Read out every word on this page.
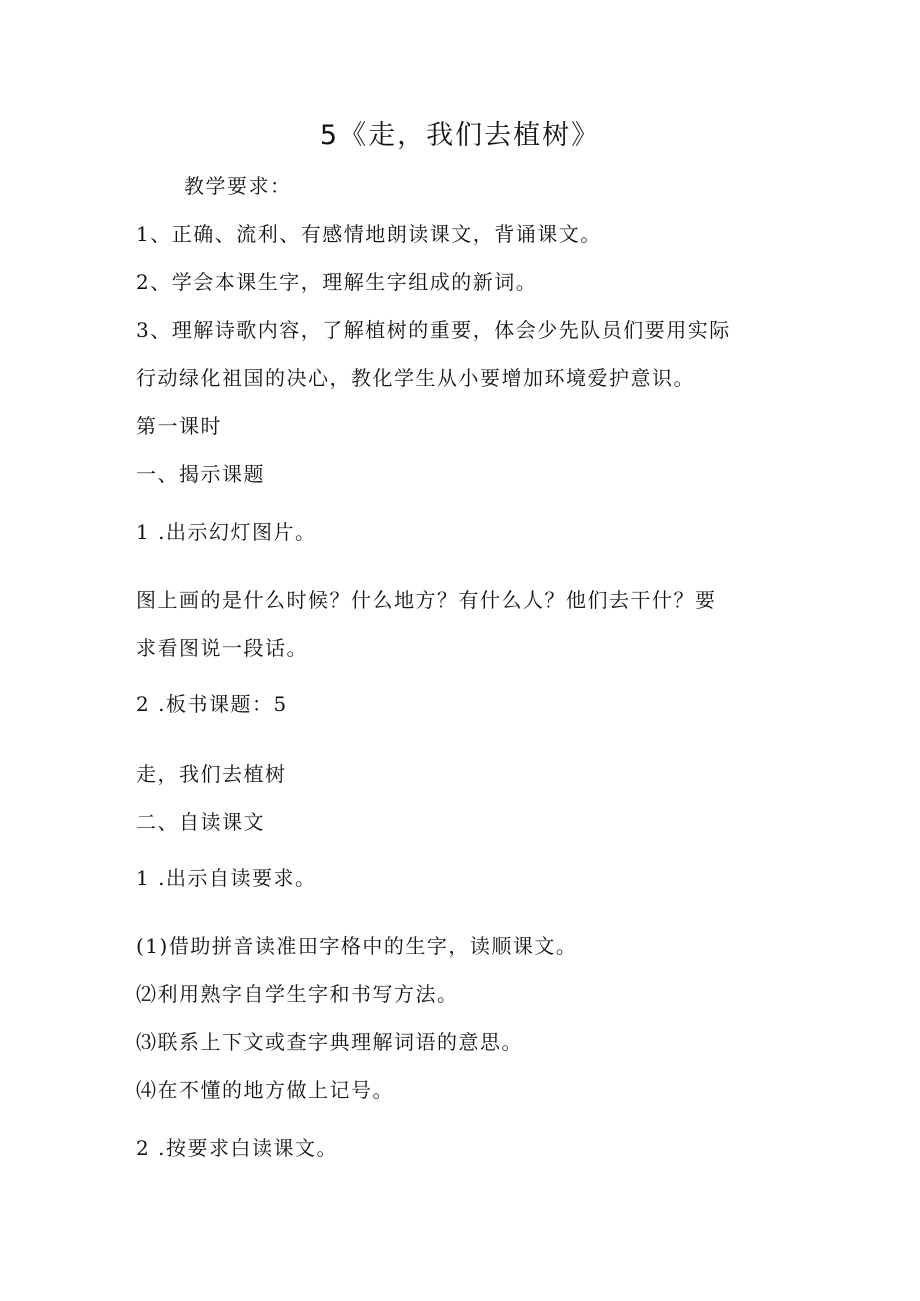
5《走，我们去植树》
教学要求：
1、正确、流利、有感情地朗读课文，背诵课文。
2、学会本课生字，理解生字组成的新词。
3、理解诗歌内容，了解植树的重要，体会少先队员们要用实际
行动绿化祖国的决心，教化学生从小要增加环境爱护意识。
第一课时
一、揭示课题
1 .出示幻灯图片。
图上画的是什么时候？什么地方？有什么人？他们去干什？要
求看图说一段话。
2 .板书课题：5
走，我们去植树
二、自读课文
1 .出示自读要求。
(1)借助拼音读准田字格中的生字，读顺课文。
⑵利用熟字自学生字和书写方法。
⑶联系上下文或查字典理解词语的意思。
⑷在不懂的地方做上记号。
2 .按要求白读课文。
